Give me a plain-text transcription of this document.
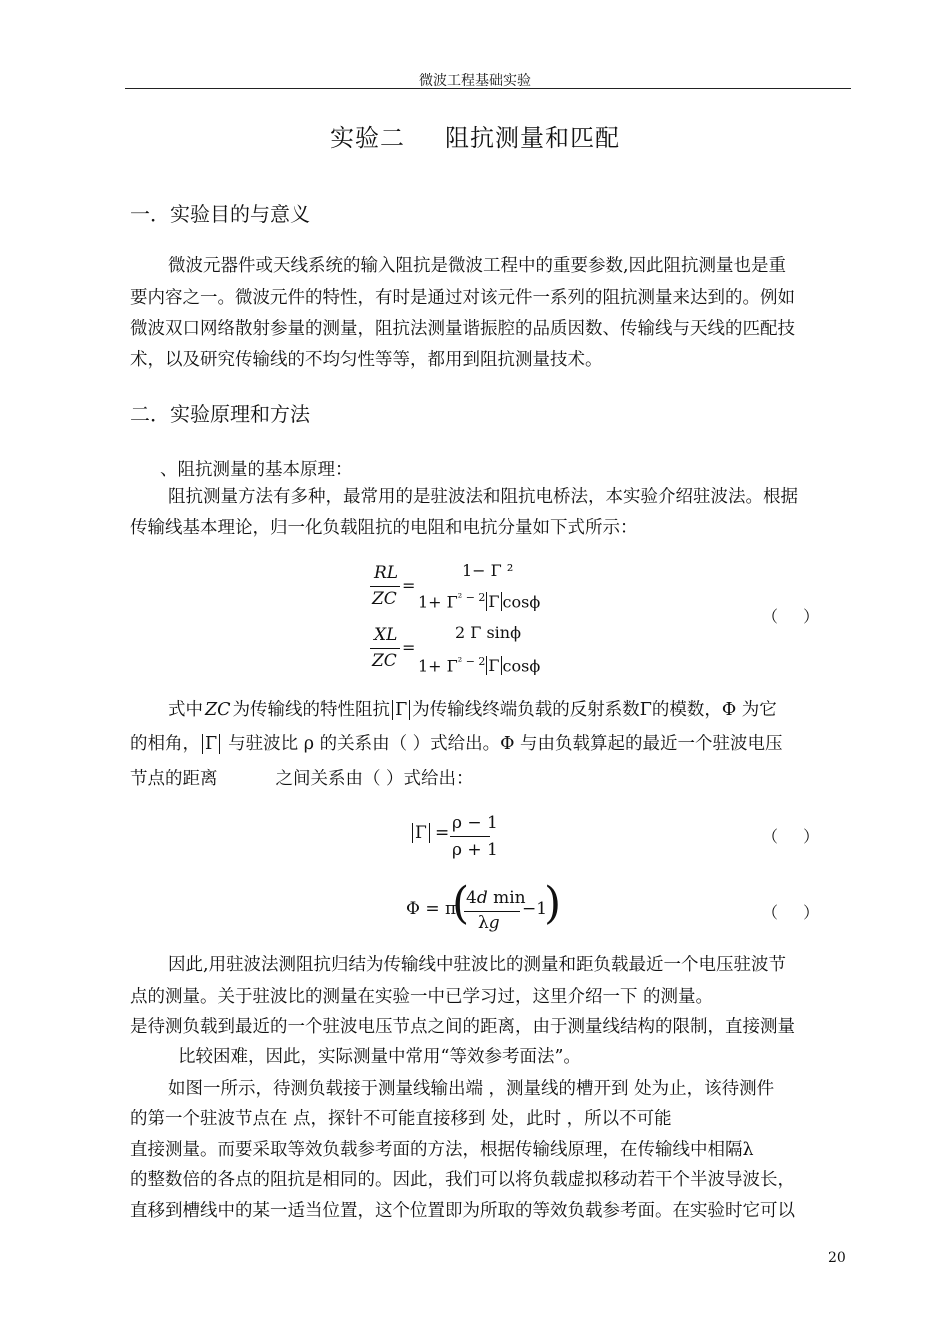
微波工程基础实验
实验二 阻抗测量和匹配
一．实验目的与意义
微波元器件或天线系统的输入阻抗是微波工程中的重要参数,因此阻抗测量也是重
要内容之一。微波元件的特性，有时是通过对该元件一系列的阻抗测量来达到的。例如
微波双口网络散射参量的测量，阻抗法测量谐振腔的品质因数、传输线与天线的匹配技
术，以及研究传输线的不均匀性等等，都用到阻抗测量技术。
二．实验原理和方法
、阻抗测量的基本原理：
阻抗测量方法有多种，最常用的是驻波法和阻抗电桥法，本实验介绍驻波法。根据
传输线基本理论，归一化负载阻抗的电阻和电抗分量如下式所示：
RL
ZC
=
1− Γ ²
$1+ \Gamma^{^2 - 2}$ Γ cosϕ
XL
ZC
=
2 Γ sinϕ
$1+ \Gamma^{^2 - 2}$ Γ cosϕ
（ ）
式中 ZC 为传输线的特性阻抗 Γ 为传输线终端负载的反射系数Γ的模数，Φ 为它
的相角， Γ 与驻波比 ρ 的关系由（ ）式给出。Φ 与由负载算起的最近一个驻波电压
节点的距离	之间关系由（ ）式给出：
Γ = ρ − 1
ρ + 1
（ ）
Φ = π
(
4d min
λg
−1
)	（ ）
因此,用驻波法测阻抗归结为传输线中驻波比的测量和距负载最近一个电压驻波节
点的测量。关于驻波比的测量在实验一中已学习过，这里介绍一下 的测量。
是待测负载到最近的一个驻波电压节点之间的距离，由于测量线结构的限制，直接测量
比较困难，因此，实际测量中常用“等效参考面法”。
如图一所示，待测负载接于测量线输出端 ，测量线的槽开到 处为止，该待测件
的第一个驻波节点在 点，探针不可能直接移到 处，此时 ，所以不可能
直接测量。而要采取等效负载参考面的方法，根据传输线原理，在传输线中相隔λ
的整数倍的各点的阻抗是相同的。因此，我们可以将负载虚拟移动若干个半波导波长，
直移到槽线中的某一适当位置，这个位置即为所取的等效负载参考面。在实验时它可以
20
